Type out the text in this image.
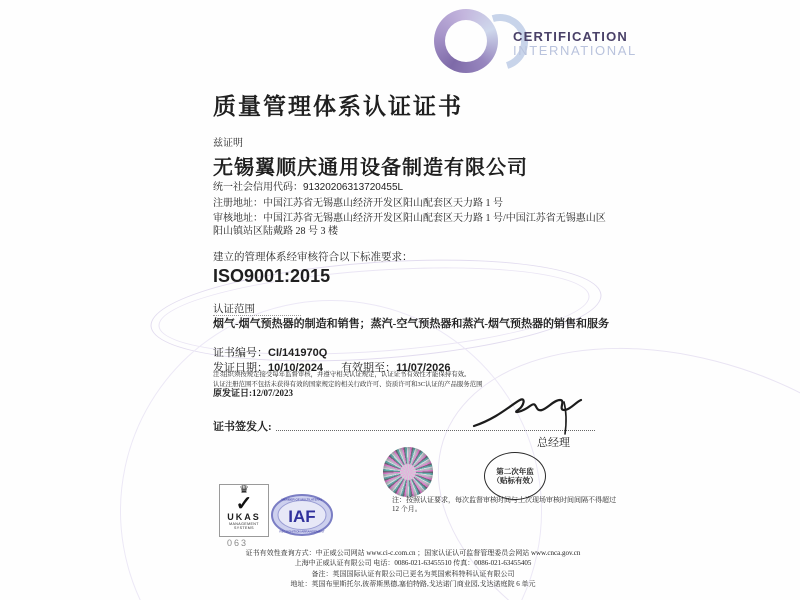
CERTIFICATION
INTERNATIONAL
质量管理体系认证证书
兹证明
无锡翼顺庆通用设备制造有限公司
统一社会信用代码：91320206313720455L
注册地址：中国江苏省无锡惠山经济开发区阳山配套区天力路 1 号
审核地址：中国江苏省无锡惠山经济开发区阳山配套区天力路 1 号/中国江苏省无锡惠山区阳山镇站区陆戴路 28 号 3 楼
建立的管理体系经审核符合以下标准要求：
ISO9001:2015
认证范围
烟气-烟气预热器的制造和销售；蒸汽-空气预热器和蒸汽-烟气预热器的销售和服务
证书编号：CI/141970Q
发证日期：10/10/2024 有效期至：11/07/2026
注:组织须按规定接受每年监督审核，并遵守相关认证规定，认证证书有效性才能保持有效。
认证注册范围不包括未获得有效的国家规定的相关行政许可、资质许可和3C认证的产品服务范围
原发证日:12/07/2023
证书签发人:
总经理
第二次年监
（贴标有效）
注：按照认证要求，每次监督审核时间与上次现场审核时间间隔不得超过 12 个月。
♛
✓
UKAS
MANAGEMENT
SYSTEMS
063
IAF
MEMBER OF MULTILATERAL
RECOGNITION ARRANGEMENT
证书有效性查询方式：中正威公司网站 www.ci-c.com.cn ；国家认证认可监督管理委员会网站 www.cnca.gov.cn
上海中正威认证有限公司 电话：0086-021-63455510 传真：0086-021-63455405
备注：英国国际认证有限公司已更名为英国索科特科认证有限公司
地址：英国布里斯托尔,彼蒂斯黑德,塞伯特路,戈达诺门商业园,戈达诺庭院 6 单元
